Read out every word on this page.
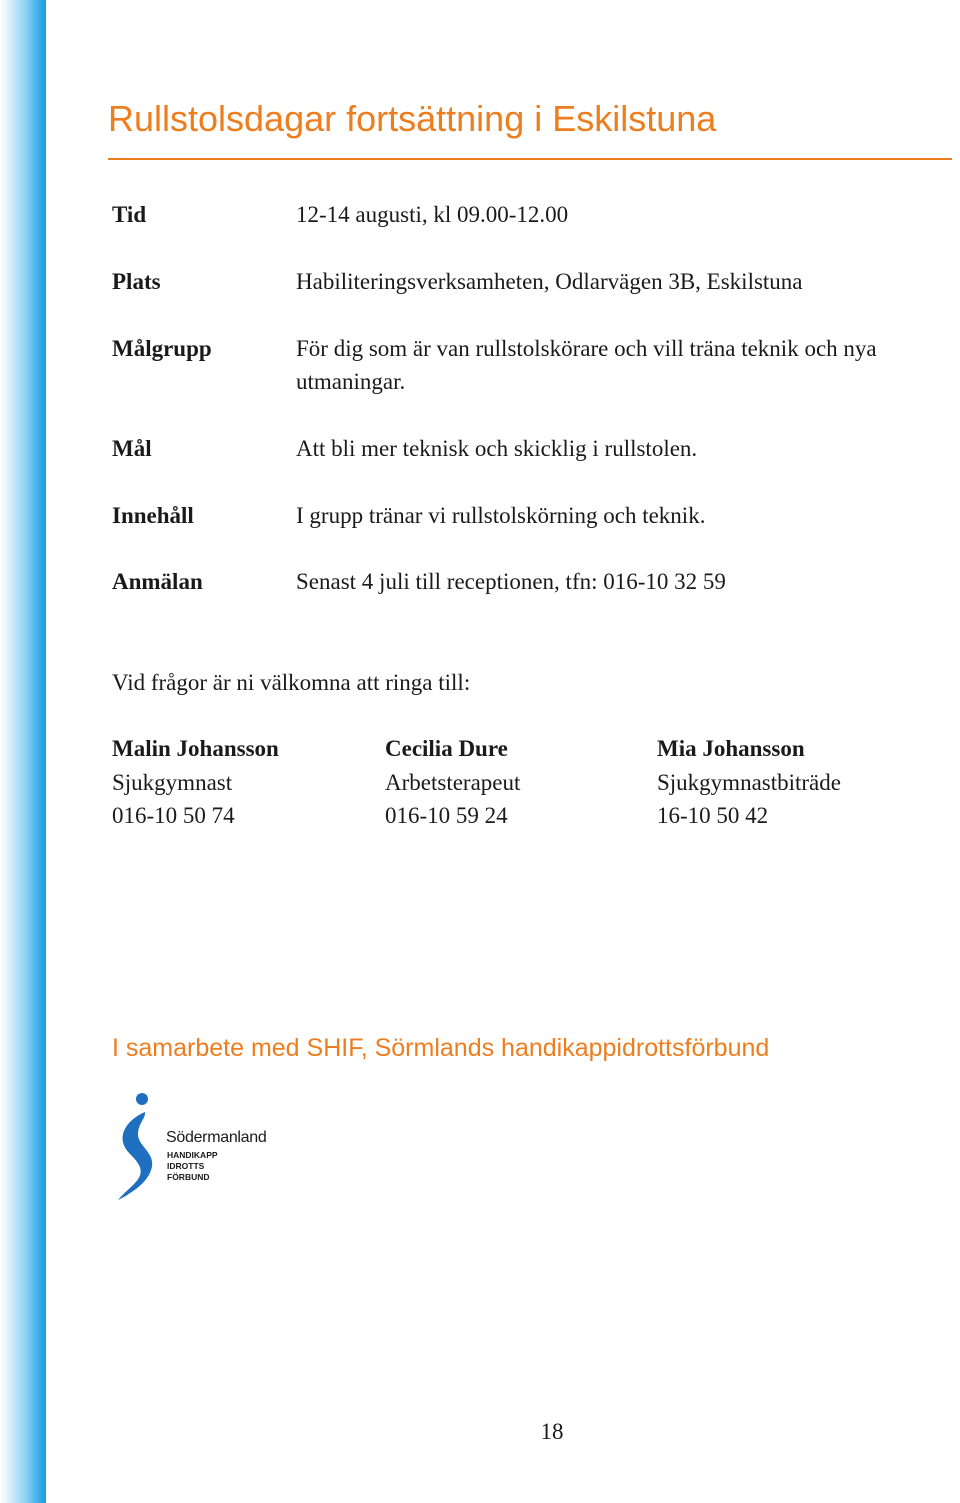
Rullstolsdagar fortsättning i Eskilstuna
Tid	12-14 augusti, kl 09.00-12.00
Plats	Habiliteringsverksamheten, Odlarvägen 3B, Eskilstuna
Målgrupp	För dig som är van rullstolskörare och vill träna teknik och nya utmaningar.
Mål	Att bli mer teknisk och skicklig i rullstolen.
Innehåll	I grupp tränar vi rullstolskörning och teknik.
Anmälan	Senast 4 juli till receptionen, tfn: 016-10 32 59
Vid frågor är ni välkomna att ringa till:
Malin Johansson
Sjukgymnast
016-10 50 74
Cecilia Dure
Arbetsterapeut
016-10 59 24
Mia Johansson
Sjukgymnastbiträde
16-10 50 42
I samarbete med SHIF, Sörmlands handikappidrottsförbund
Södermanland
HANDIKAPP
IDROTTS
FÖRBUND
18
